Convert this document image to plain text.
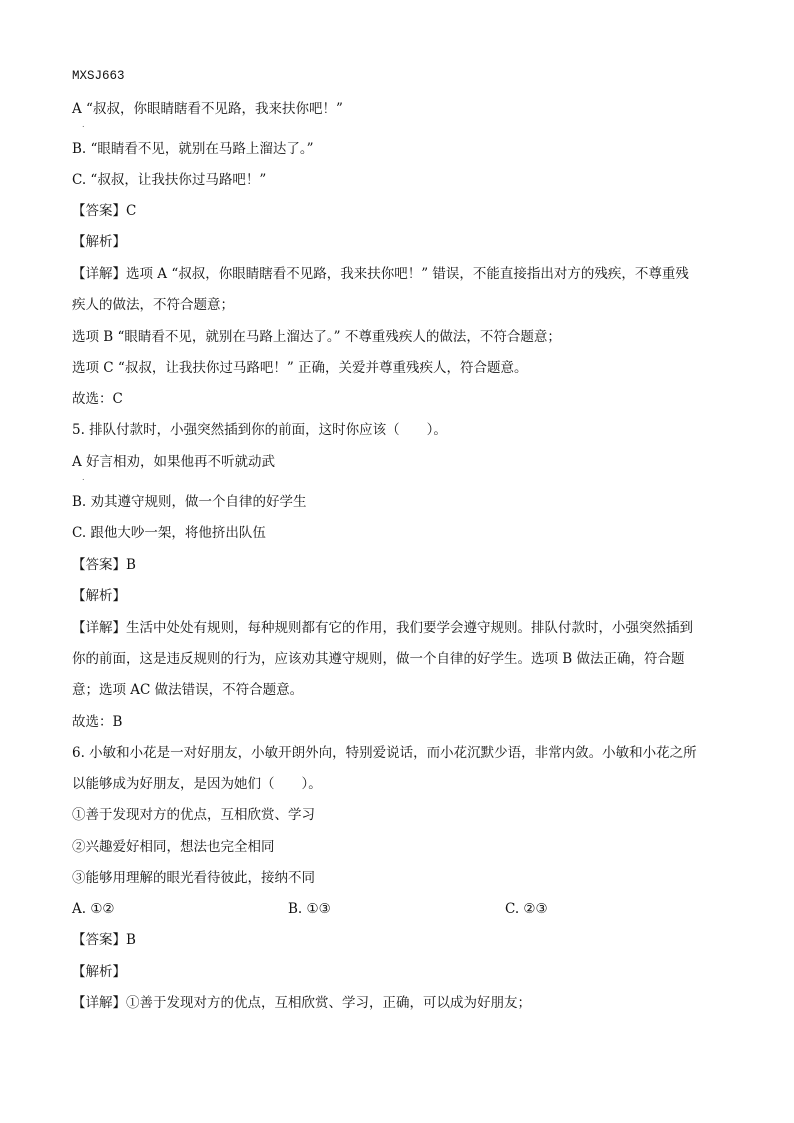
MXSJ663
A “叔叔，你眼睛瞎看不见路，我来扶你吧！”
.
B. “眼睛看不见，就别在马路上溜达了。”
C. “叔叔，让我扶你过马路吧！”
【答案】C
【解析】
【详解】选项 A “叔叔，你眼睛瞎看不见路，我来扶你吧！” 错误，不能直接指出对方的残疾，不尊重残
疾人的做法，不符合题意；
选项 B “眼睛看不见，就别在马路上溜达了。” 不尊重残疾人的做法，不符合题意；
选项 C “叔叔，让我扶你过马路吧！” 正确，关爱并尊重残疾人，符合题意。
故选：C
5. 排队付款时，小强突然插到你的前面，这时你应该（　　）。
A 好言相劝，如果他再不听就动武
.
B. 劝其遵守规则，做一个自律的好学生
C. 跟他大吵一架，将他挤出队伍
【答案】B
【解析】
【详解】生活中处处有规则，每种规则都有它的作用，我们要学会遵守规则。排队付款时，小强突然插到
你的前面，这是违反规则的行为，应该劝其遵守规则，做一个自律的好学生。选项 B 做法正确，符合题
意；选项 AC 做法错误，不符合题意。
故选：B
6. 小敏和小花是一对好朋友，小敏开朗外向，特别爱说话，而小花沉默少语，非常内敛。小敏和小花之所
以能够成为好朋友，是因为她们（　　）。
①善于发现对方的优点，互相欣赏、学习
②兴趣爱好相同，想法也完全相同
③能够用理解的眼光看待彼此，接纳不同
A. ①②	B. ①③	C. ②③
【答案】B
【解析】
【详解】①善于发现对方的优点，互相欣赏、学习，正确，可以成为好朋友；
